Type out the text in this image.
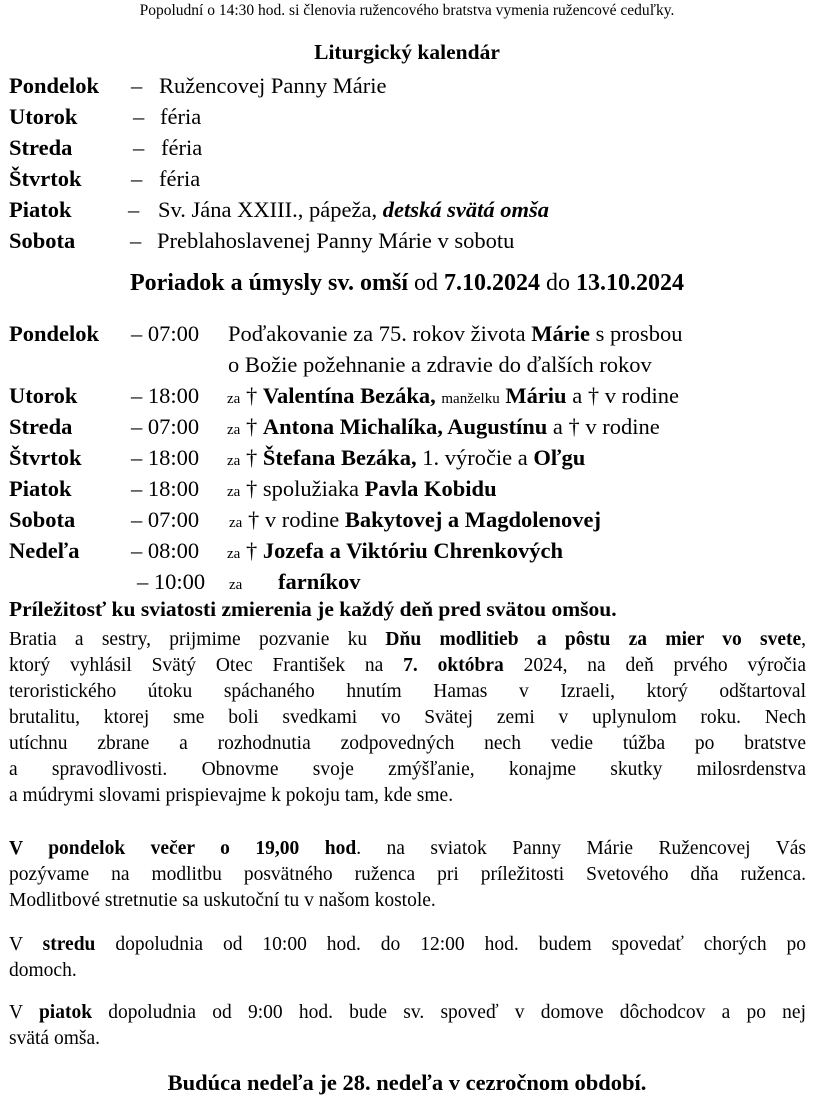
Popoludní o 14:30 hod. si členovia ružencového bratstva vymenia ružencové ceduľky.
Liturgický kalendár
Pondelok – Ružencovej Panny Márie
Utorok – féria
Streda	– féria
Štvrtok – féria
Piatok	– Sv. Jána XXIII., pápeža, detská svätá omša
Sobota – Preblahoslavenej Panny Márie v sobotu
Poriadok a úmysly sv. omší od 7.10.2024 do 13.10.2024
Pondelok – 07:00 Poďakovanie za 75. rokov života Márie s prosbou
o Božie požehnanie a zdravie do ďalších rokov
Utorok – 18:00 za † Valentína Bezáka, manželku Máriu a † v rodine
Streda	– 07:00 za † Antona Michalíka, Augustínu a † v rodine
Štvrtok – 18:00 za † Štefana Bezáka, 1. výročie a Oľgu
Piatok	– 18:00 za † spolužiaka Pavla Kobidu
Sobota – 07:00 za † v rodine Bakytovej a Magdolenovej
Nedeľa – 08:00 za † Jozefa a Viktóriu Chrenkových
– 10:00 za farníkov
Príležitosť ku sviatosti zmierenia je každý deň pred svätou omšou.
Bratia a sestry, prijmime pozvanie ku Dňu modlitieb a pôstu za mier vo svete,
ktorý vyhlásil Svätý Otec František na 7. októbra 2024, na deň prvého výročia
teroristického útoku spáchaného hnutím Hamas v Izraeli, ktorý odštartoval
brutalitu, ktorej sme boli svedkami vo Svätej zemi v uplynulom roku. Nech
utíchnu zbrane a rozhodnutia zodpovedných nech vedie túžba po bratstve
a spravodlivosti. Obnovme svoje zmýšľanie, konajme skutky milosrdenstva
a múdrymi slovami prispievajme k pokoju tam, kde sme.
V pondelok večer o 19,00 hod. na sviatok Panny Márie Ružencovej Vás
pozývame na modlitbu posvätného ruženca pri príležitosti Svetového dňa ruženca.
Modlitbové stretnutie sa uskutoční tu v našom kostole.
V stredu dopoludnia od 10:00 hod. do 12:00 hod. budem spovedať chorých po
domoch.
V piatok dopoludnia od 9:00 hod. bude sv. spoveď v domove dôchodcov a po nej
svätá omša.
Budúca nedeľa je 28. nedeľa v cezročnom období.
